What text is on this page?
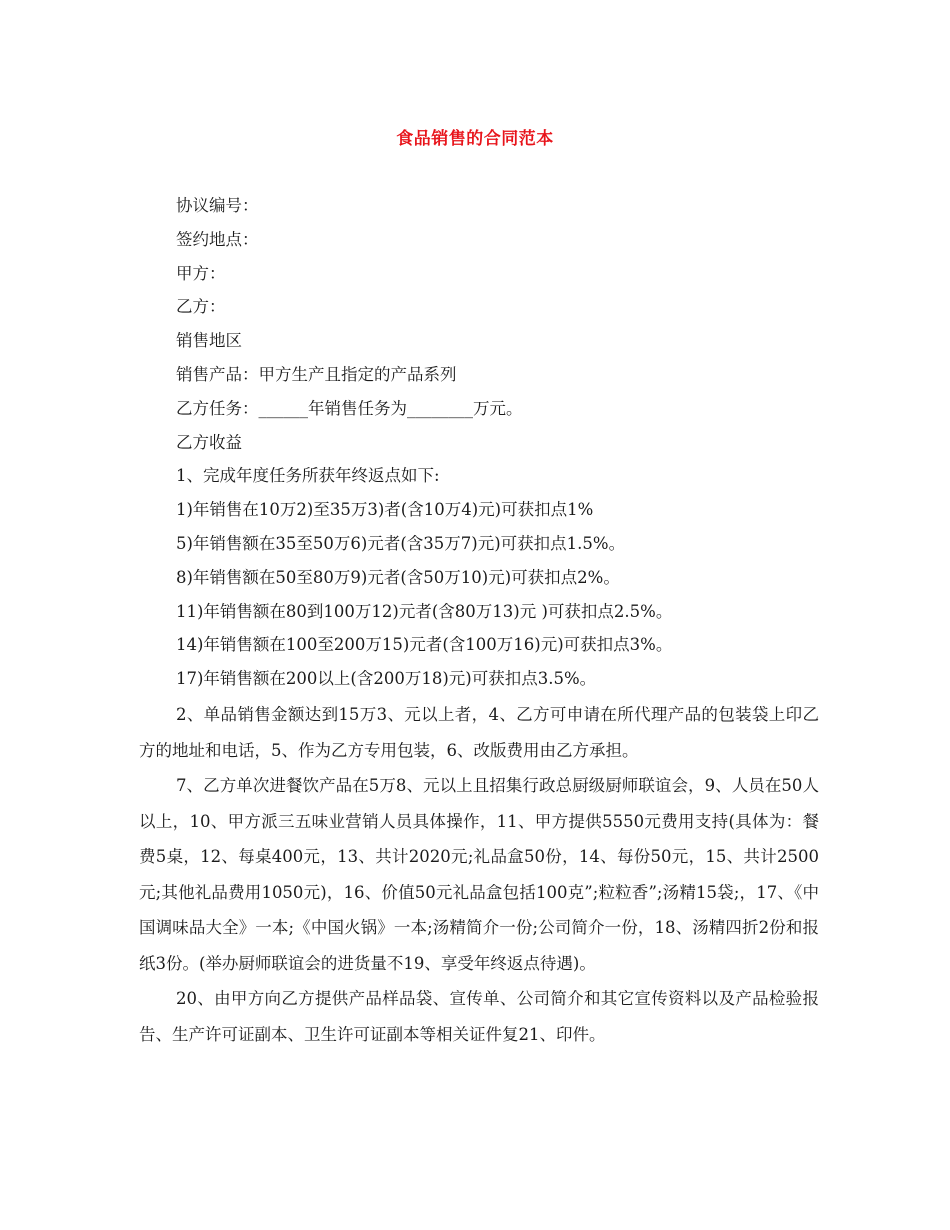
食品销售的合同范本
协议编号：
签约地点：
甲方：
乙方：
销售地区
销售产品：甲方生产且指定的产品系列
乙方任务：______年销售任务为________万元。
乙方收益
1、完成年度任务所获年终返点如下:
1)年销售在10万2)至35万3)者(含10万4)元)可获扣点1%
5)年销售额在35至50万6)元者(含35万7)元)可获扣点1.5%。
8)年销售额在50至80万9)元者(含50万10)元)可获扣点2%。
11)年销售额在80到100万12)元者(含80万13)元 )可获扣点2.5%。
14)年销售额在100至200万15)元者(含100万16)元)可获扣点3%。
17)年销售额在200以上(含200万18)元)可获扣点3.5%。

2、单品销售金额达到15万3、元以上者，4、乙方可申请在所代理产品的包装袋上印乙方的地址和电话，5、作为乙方专用包装，6、改版费用由乙方承担。

7、乙方单次进餐饮产品在5万8、元以上且招集行政总厨级厨师联谊会，9、人员在50人以上，10、甲方派三五味业营销人员具体操作，11、甲方提供5550元费用支持(具体为：餐费5桌，12、每桌400元，13、共计2020元;礼品盒50份，14、每份50元，15、共计2500元;其他礼品费用1050元)，16、价值50元礼品盒包括100克”;粒粒香”;汤精15袋;，17、《中国调味品大全》一本;《中国火锅》一本;汤精简介一份;公司简介一份，18、汤精四折2份和报纸3份。(举办厨师联谊会的进货量不19、享受年终返点待遇)。

20、由甲方向乙方提供产品样品袋、宣传单、公司简介和其它宣传资料以及产品检验报告、生产许可证副本、卫生许可证副本等相关证件复21、印件。
